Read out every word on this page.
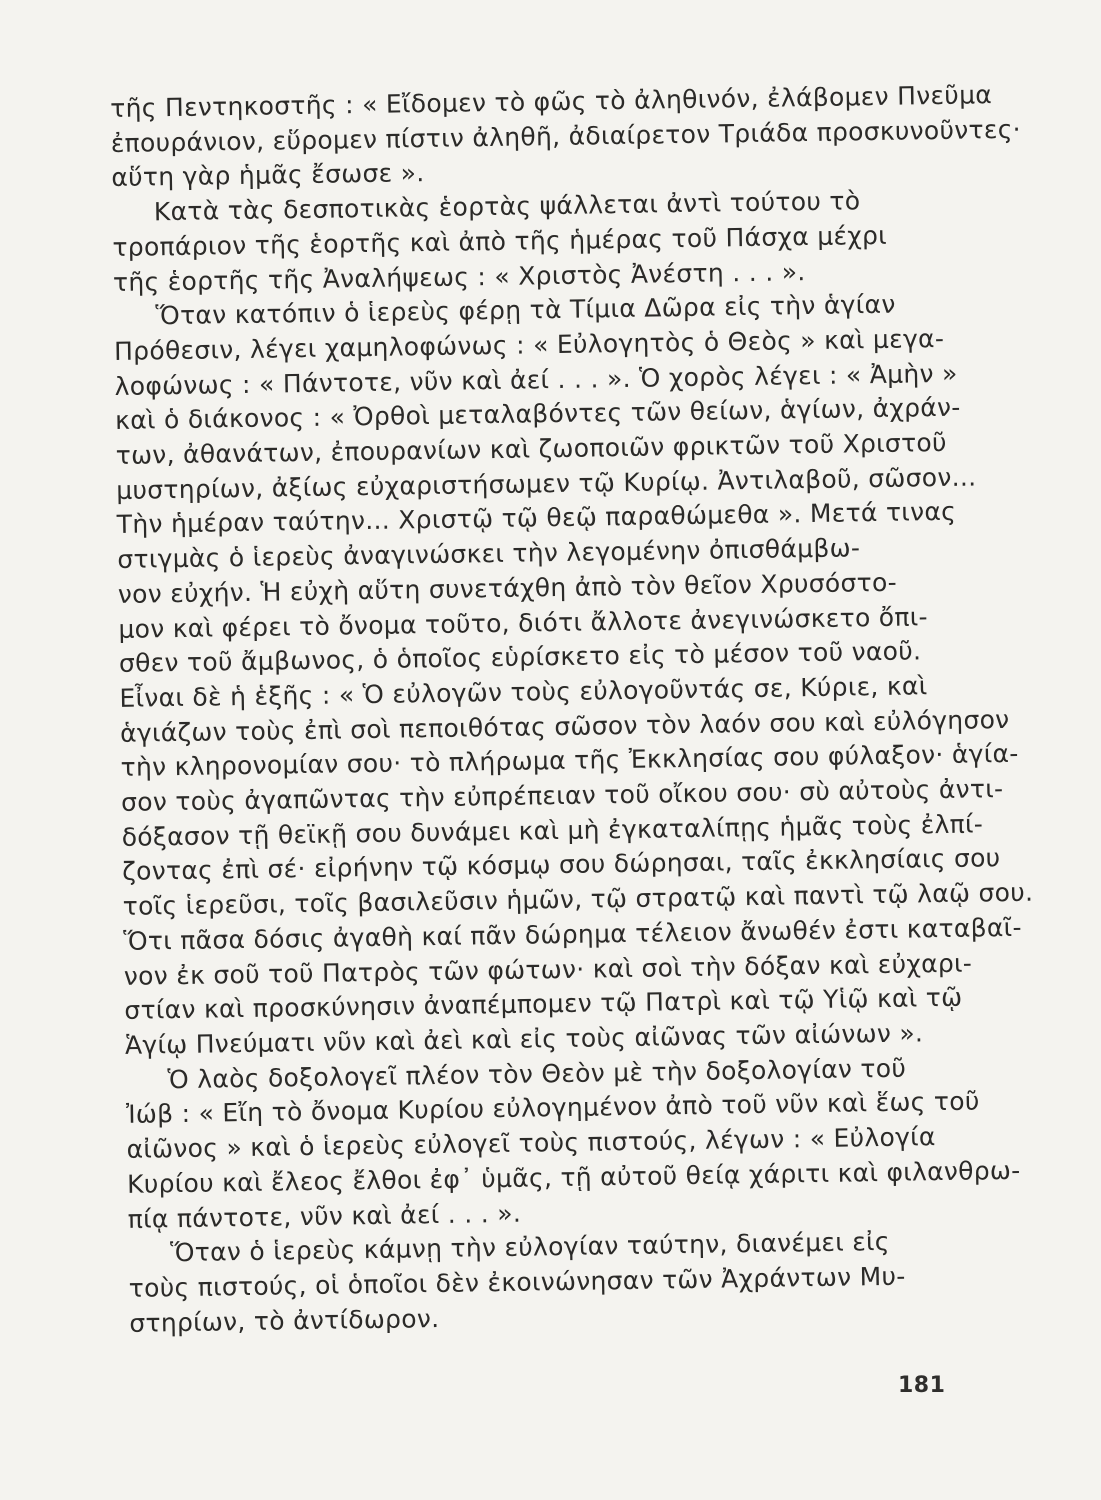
τῆς Πεντηκοστῆς : « Εἴδομεν τὸ φῶς τὸ ἀληθινόν, ἐλάβομεν Πνεῦμα
ἐπουράνιον, εὕρομεν πίστιν ἀληθῆ, ἀδιαίρετον Τριάδα προσκυνοῦντες·
αὕτη γὰρ ἡμᾶς ἔσωσε ».
Κατὰ τὰς δεσποτικὰς ἑορτὰς ψάλλεται ἀντὶ τούτου τὸ
τροπάριον τῆς ἑορτῆς καὶ ἀπὸ τῆς ἡμέρας τοῦ Πάσχα μέχρι
τῆς ἑορτῆς τῆς Ἀναλήψεως : « Χριστὸς Ἀνέστη . . . ».
Ὅταν κατόπιν ὁ ἱερεὺς φέρῃ τὰ Τίμια Δῶρα εἰς τὴν ἁγίαν
Πρόθεσιν, λέγει χαμηλοφώνως : « Εὐλογητὸς ὁ Θεὸς » καὶ μεγα-
λοφώνως : « Πάντοτε, νῦν καὶ ἀεί . . . ». Ὁ χορὸς λέγει : « Ἀμὴν »
καὶ ὁ διάκονος : « Ὀρθοὶ μεταλαβόντες τῶν θείων, ἁγίων, ἀχράν-
των, ἀθανάτων, ἐπουρανίων καὶ ζωοποιῶν φρικτῶν τοῦ Χριστοῦ
μυστηρίων, ἀξίως εὐχαριστήσωμεν τῷ Κυρίῳ. Ἀντιλαβοῦ, σῶσον...
Τὴν ἡμέραν ταύτην... Χριστῷ τῷ θεῷ παραθώμεθα ». Μετά τινας
στιγμὰς ὁ ἱερεὺς ἀναγινώσκει τὴν λεγομένην ὀπισθάμβω-
νον εὐχήν. Ἡ εὐχὴ αὕτη συνετάχθη ἀπὸ τὸν θεῖον Χρυσόστο-
μον καὶ φέρει τὸ ὄνομα τοῦτο, διότι ἄλλοτε ἀνεγινώσκετο ὄπι-
σθεν τοῦ ἄμβωνος, ὁ ὁποῖος εὑρίσκετο εἰς τὸ μέσον τοῦ ναοῦ.
Εἶναι δὲ ἡ ἑξῆς : « Ὁ εὐλογῶν τοὺς εὐλογοῦντάς σε, Κύριε, καὶ
ἁγιάζων τοὺς ἐπὶ σοὶ πεποιθότας σῶσον τὸν λαόν σου καὶ εὐλόγησον
τὴν κληρονομίαν σου· τὸ πλήρωμα τῆς Ἐκκλησίας σου φύλαξον· ἁγία-
σον τοὺς ἀγαπῶντας τὴν εὐπρέπειαν τοῦ οἴκου σου· σὺ αὐτοὺς ἀντι-
δόξασον τῇ θεϊκῇ σου δυνάμει καὶ μὴ ἐγκαταλίπῃς ἡμᾶς τοὺς ἐλπί-
ζοντας ἐπὶ σέ· εἰρήνην τῷ κόσμῳ σου δώρησαι, ταῖς ἐκκλησίαις σου
τοῖς ἱερεῦσι, τοῖς βασιλεῦσιν ἡμῶν, τῷ στρατῷ καὶ παντὶ τῷ λαῷ σου.
Ὅτι πᾶσα δόσις ἀγαθὴ καί πᾶν δώρημα τέλειον ἄνωθέν ἐστι καταβαῖ-
νον ἐκ σοῦ τοῦ Πατρὸς τῶν φώτων· καὶ σοὶ τὴν δόξαν καὶ εὐχαρι-
στίαν καὶ προσκύνησιν ἀναπέμπομεν τῷ Πατρὶ καὶ τῷ Υἱῷ καὶ τῷ
Ἁγίῳ Πνεύματι νῦν καὶ ἀεὶ καὶ εἰς τοὺς αἰῶνας τῶν αἰώνων ».
Ὁ λαὸς δοξολογεῖ πλέον τὸν Θεὸν μὲ τὴν δοξολογίαν τοῦ
Ἰώβ : « Εἴη τὸ ὄνομα Κυρίου εὐλογημένον ἀπὸ τοῦ νῦν καὶ ἕως τοῦ
αἰῶνος » καὶ ὁ ἱερεὺς εὐλογεῖ τοὺς πιστούς, λέγων : « Εὐλογία
Κυρίου καὶ ἔλεος ἔλθοι ἐφ᾽ ὑμᾶς, τῇ αὐτοῦ θείᾳ χάριτι καὶ φιλανθρω-
πίᾳ πάντοτε, νῦν καὶ ἀεί . . . ».
Ὅταν ὁ ἱερεὺς κάμνῃ τὴν εὐλογίαν ταύτην, διανέμει εἰς
τοὺς πιστούς, οἱ ὁποῖοι δὲν ἐκοινώνησαν τῶν Ἀχράντων Μυ-
στηρίων, τὸ ἀντίδωρον.
181
